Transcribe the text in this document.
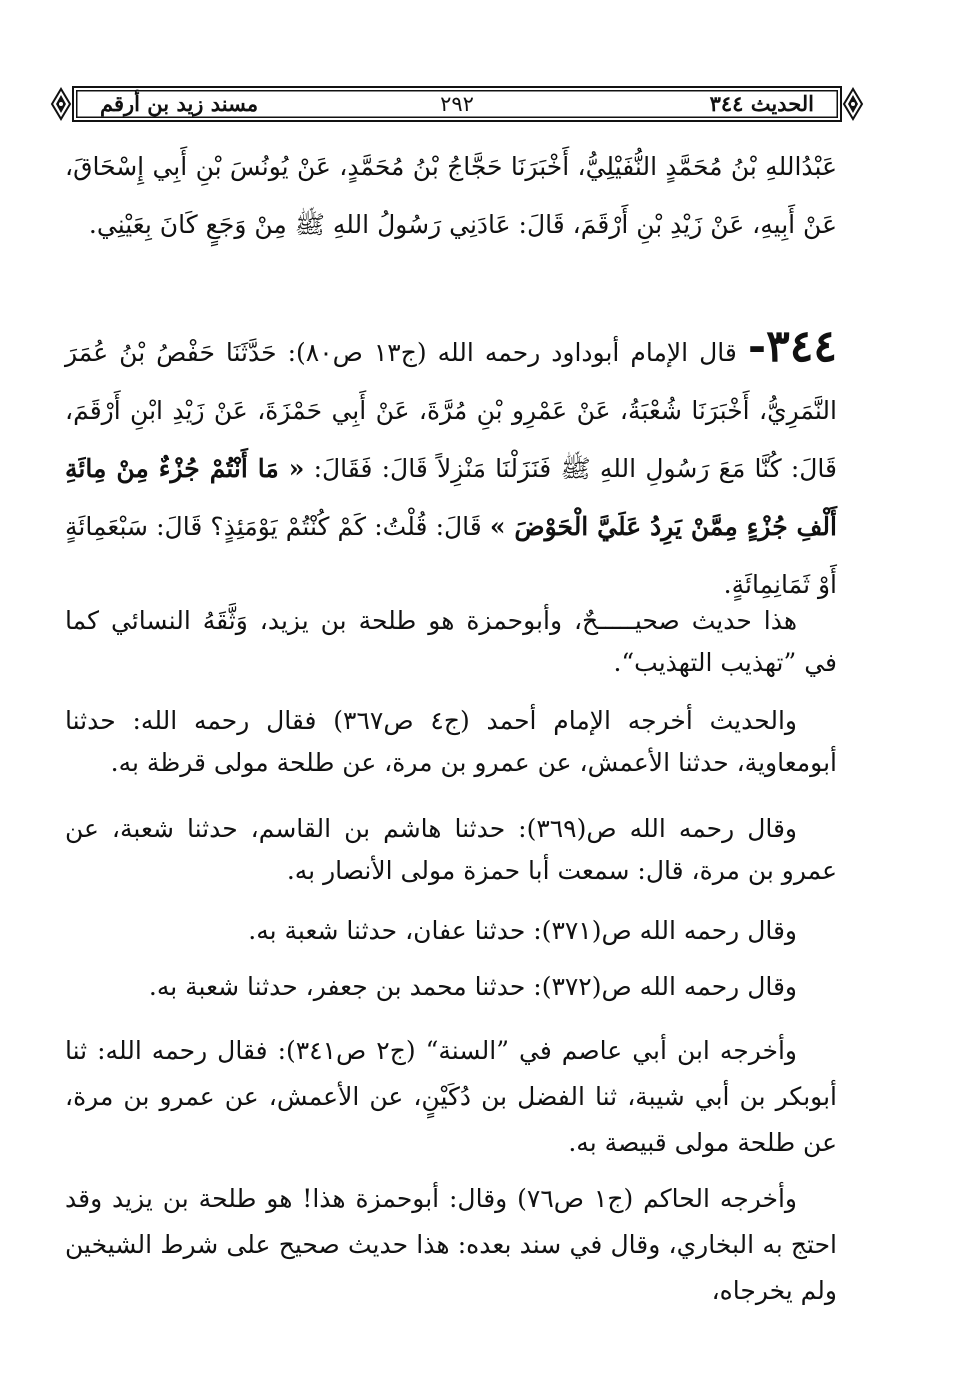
الحديث ٣٤٤
٢٩٢
مسند زيد بن أرقم

عَبْدُاللهِ بْنُ مُحَمَّدٍ النُّفَيْلِيُّ، أَخْبَرَنَا حَجَّاجُ بْنُ مُحَمَّدٍ، عَنْ يُونُسَ بْنِ أَبِي إِسْحَاقَ، عَنْ أَبِيهِ، عَنْ زَيْدِ بْنِ أَرْقَمَ، قَالَ: عَادَنِي رَسُولُ اللهِ ﷺ مِنْ وَجَعٍ كَانَ بِعَيْنِي.

٣٤٤- قال الإمام أبوداود رحمه الله (ج١٣ ص٨٠): حَدَّثَنَا حَفْصُ بْنُ عُمَرَ النَّمَرِيُّ، أَخْبَرَنَا شُعْبَةُ، عَنْ عَمْرِو بْنِ مُرَّةَ، عَنْ أَبِي حَمْزَةَ، عَنْ زَيْدِ ابْنِ أَرْقَمَ، قَالَ: كُنَّا مَعَ رَسُولِ اللهِ ﷺ فَنَزَلْنَا مَنْزِلاً قَالَ: فَقَالَ: « مَا أَنْتُمْ جُزْءٌ مِنْ مِائَةِ أَلْفِ جُزْءٍ مِمَّنْ يَرِدُ عَلَيَّ الْحَوْضَ » قَالَ: قُلْتُ: كَمْ كُنْتُمْ يَوْمَئِذٍ؟ قَالَ: سَبْعَمِائَةٍ أَوْ ثَمَانِمِائَةٍ.

هذا حديث صحيـــــحٌ، وأبوحمزة هو طلحة بن يزيد، وَثَّقَهُ النسائي كما في ”تهذيب التهذيب“.

والحديث أخرجه الإمام أحمد (ج٤ ص٣٦٧) فقال رحمه الله: حدثنا أبومعاوية، حدثنا الأعمش، عن عمرو بن مرة، عن طلحة مولى قرظة به.

وقال رحمه الله ص(٣٦٩): حدثنا هاشم بن القاسم، حدثنا شعبة، عن عمرو بن مرة، قال: سمعت أبا حمزة مولى الأنصار به.

وقال رحمه الله ص(٣٧١): حدثنا عفان، حدثنا شعبة به.

وقال رحمه الله ص(٣٧٢): حدثنا محمد بن جعفر، حدثنا شعبة به.

وأخرجه ابن أبي عاصم في ”السنة“ (ج٢ ص٣٤١): فقال رحمه الله: ثنا أبوبكر بن أبي شيبة، ثنا الفضل بن دُكَيْنٍ، عن الأعمش، عن عمرو بن مرة، عن طلحة مولى قبيصة به.

وأخرجه الحاكم (ج١ ص٧٦) وقال: أبوحمزة هذا! هو طلحة بن يزيد وقد احتج به البخاري، وقال في سند بعده: هذا حديث صحيح على شرط الشيخين ولم يخرجاه،
